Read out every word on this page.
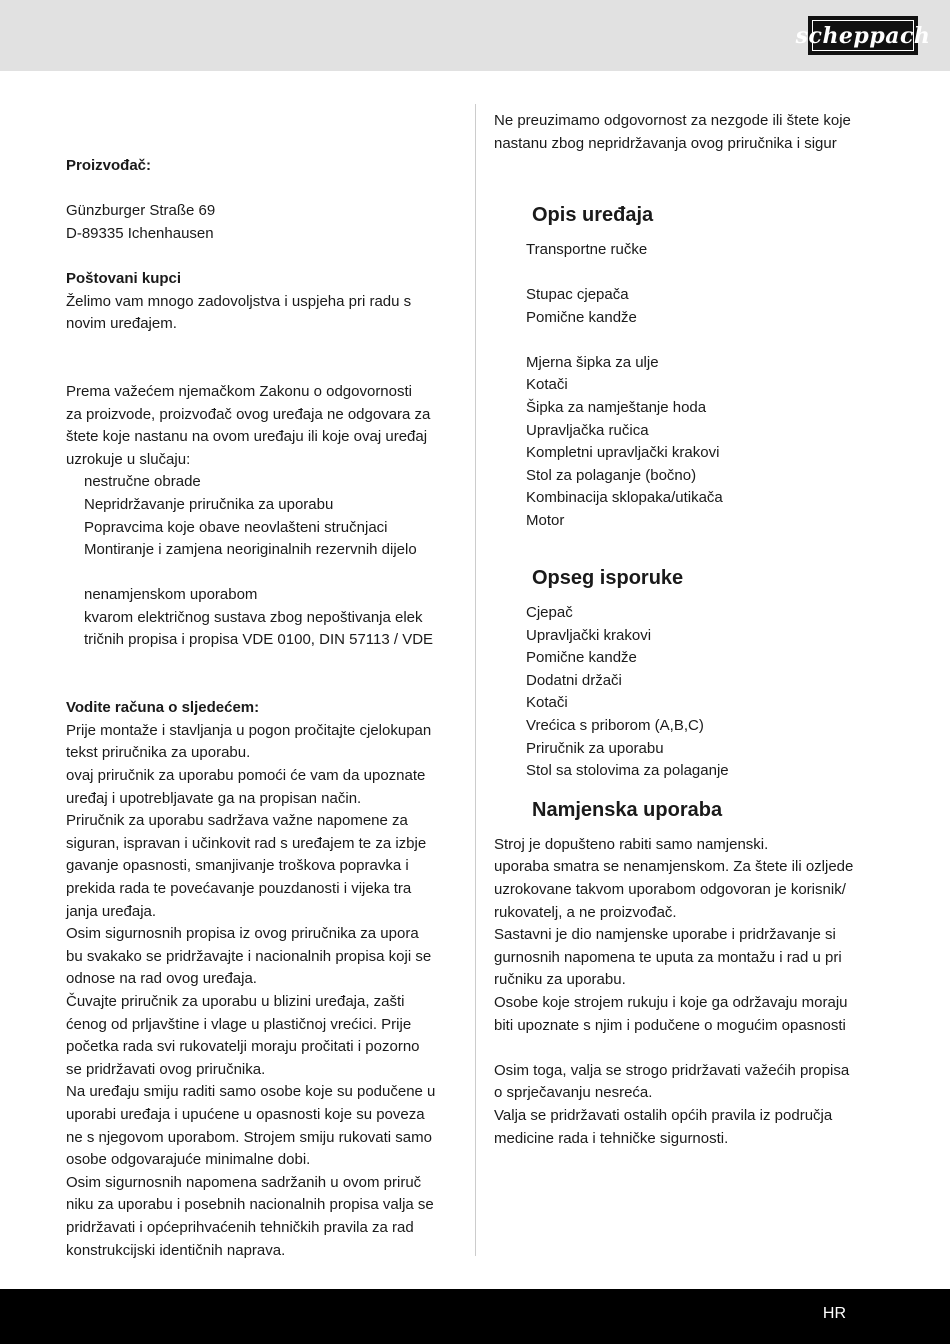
scheppach

Proizvođač:

Günzburger Straße 69

D-89335 Ichenhausen

Poštovani kupci

Želimo vam mnogo zadovoljstva i uspjeha pri radu s

novim uređajem.

Prema važećem njemačkom Zakonu o odgovornosti

za proizvode, proizvođač ovog uređaja ne odgovara za

štete koje nastanu na ovom uređaju ili koje ovaj uređaj

uzrokuje u slučaju:

nestručne obrade

Nepridržavanje priručnika za uporabu

Popravcima koje obave neovlašteni stručnjaci

Montiranje i zamjena neoriginalnih rezervnih dijelo

nenamjenskom uporabom

kvarom električnog sustava zbog nepoštivanja elek

tričnih propisa i propisa VDE 0100, DIN 57113 / VDE

Vodite računa o sljedećem:

Prije montaže i stavljanja u pogon pročitajte cjelokupan

tekst priručnika za uporabu.

ovaj priručnik za uporabu pomoći će vam da upoznate

uređaj i upotrebljavate ga na propisan način.

Priručnik za uporabu sadržava važne napomene za

siguran, ispravan i učinkovit rad s uređajem te za izbje

gavanje opasnosti, smanjivanje troškova popravka i

prekida rada te povećavanje pouzdanosti i vijeka tra

janja uređaja.

Osim sigurnosnih propisa iz ovog priručnika za upora

bu svakako se pridržavajte i nacionalnih propisa koji se

odnose na rad ovog uređaja.

Čuvajte priručnik za uporabu u blizini uređaja, zašti

ćenog od prljavštine i vlage u plastičnoj vrećici. Prije

početka rada svi rukovatelji moraju pročitati i pozorno

se pridržavati ovog priručnika.

Na uređaju smiju raditi samo osobe koje su podučene u

uporabi uređaja i upućene u opasnosti koje su poveza

ne s njegovom uporabom. Strojem smiju rukovati samo

osobe odgovarajuće minimalne dobi.

Osim sigurnosnih napomena sadržanih u ovom priruč

niku za uporabu i posebnih nacionalnih propisa valja se

pridržavati i općeprihvaćenih tehničkih pravila za rad

konstrukcijski identičnih naprava.

Ne preuzimamo odgovornost za nezgode ili štete koje

nastanu zbog nepridržavanja ovog priručnika i sigur

Opis uređaja

Transportne ručke

Stupac cjepača

Pomične kandže

Mjerna šipka za ulje

Kotači

Šipka za namještanje hoda

Upravljačka ručica

Kompletni upravljački krakovi

Stol za polaganje (bočno)

Kombinacija sklopaka/utikača

Motor

Opseg isporuke

Cjepač

Upravljački krakovi

Pomične kandže

Dodatni držači

Kotači

Vrećica s priborom (A,B,C)

Priručnik za uporabu

Stol sa stolovima za polaganje

Namjenska uporaba

Stroj je dopušteno rabiti samo namjenski.

uporaba smatra se nenamjenskom. Za štete ili ozljede

uzrokovane takvom uporabom odgovoran je korisnik/

rukovatelj, a ne proizvođač.

Sastavni je dio namjenske uporabe i pridržavanje si

gurnosnih napomena te uputa za montažu i rad u pri

ručniku za uporabu.

Osobe koje strojem rukuju i koje ga održavaju moraju

biti upoznate s njim i podučene o mogućim opasnosti

Osim toga, valja se strogo pridržavati važećih propisa

o sprječavanju nesreća.

Valja se pridržavati ostalih općih pravila iz područja

medicine rada i tehničke sigurnosti.

HR
